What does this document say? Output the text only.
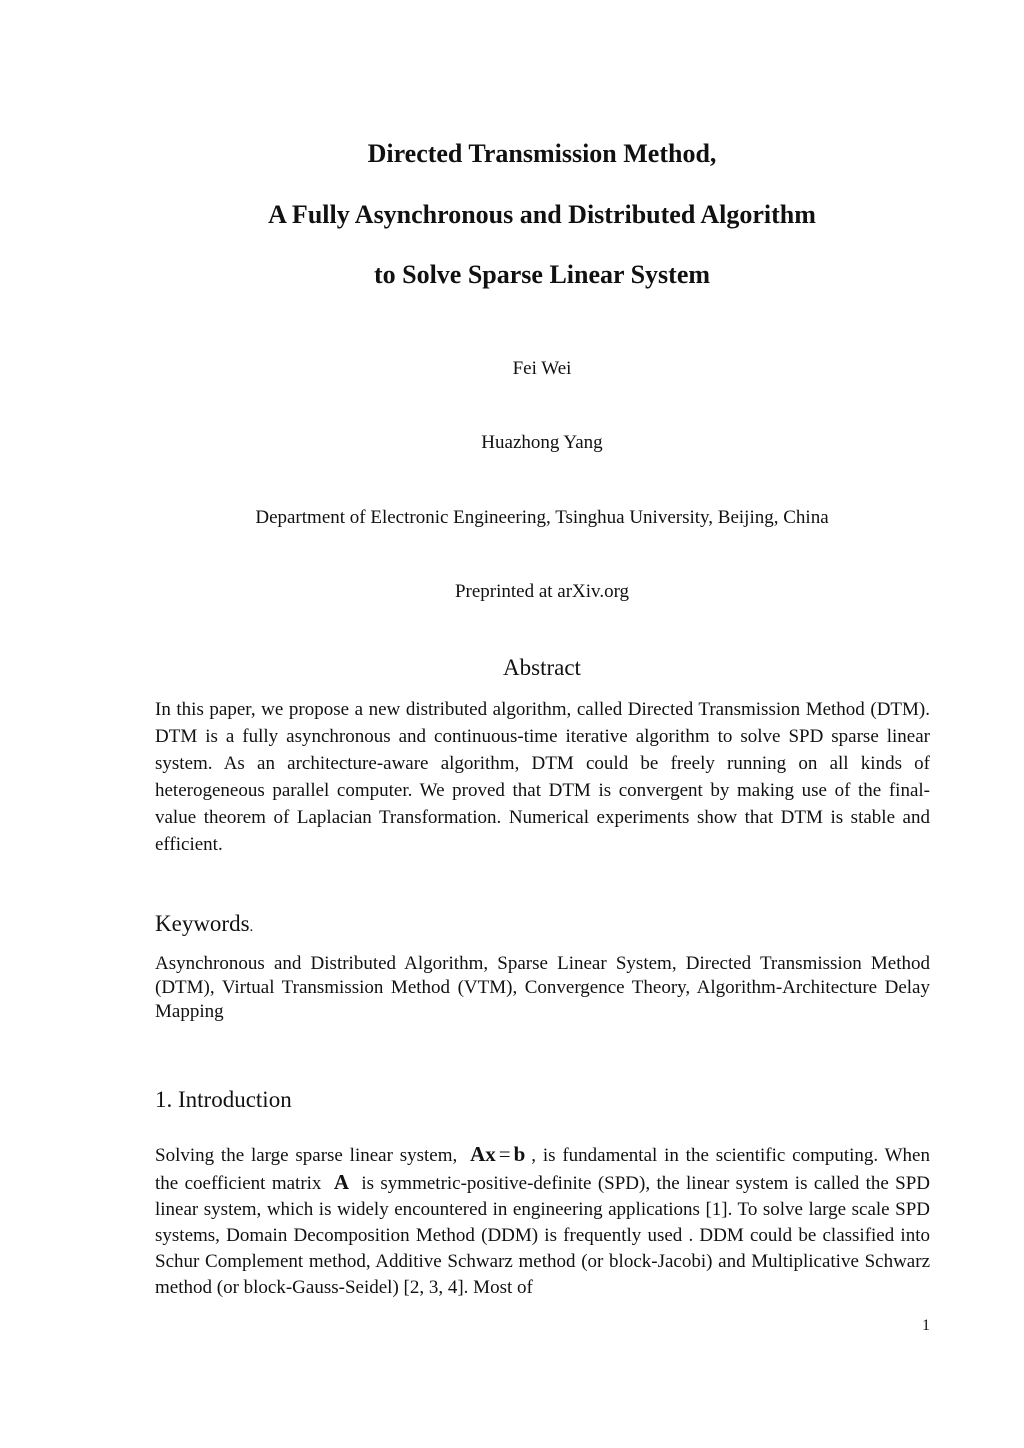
Directed Transmission Method,
A Fully Asynchronous and Distributed Algorithm
to Solve Sparse Linear System
Fei Wei
Huazhong Yang
Department of Electronic Engineering, Tsinghua University, Beijing, China
Preprinted at arXiv.org
Abstract
In this paper, we propose a new distributed algorithm, called Directed Transmission Method (DTM). DTM is a fully asynchronous and continuous-time iterative algorithm to solve SPD sparse linear system. As an architecture-aware algorithm, DTM could be freely running on all kinds of heterogeneous parallel computer. We proved that DTM is convergent by making use of the final-value theorem of Laplacian Transformation. Numerical experiments show that DTM is stable and efficient.
Keywords.
Asynchronous and Distributed Algorithm, Sparse Linear System, Directed Transmission Method (DTM), Virtual Transmission Method (VTM), Convergence Theory, Algorithm-Architecture Delay Mapping
1. Introduction
Solving the large sparse linear system, Ax = b , is fundamental in the scientific computing. When the coefficient matrix A is symmetric-positive-definite (SPD), the linear system is called the SPD linear system, which is widely encountered in engineering applications [1]. To solve large scale SPD systems, Domain Decomposition Method (DDM) is frequently used . DDM could be classified into Schur Complement method, Additive Schwarz method (or block-Jacobi) and Multiplicative Schwarz method (or block-Gauss-Seidel) [2, 3, 4]. Most of
1
